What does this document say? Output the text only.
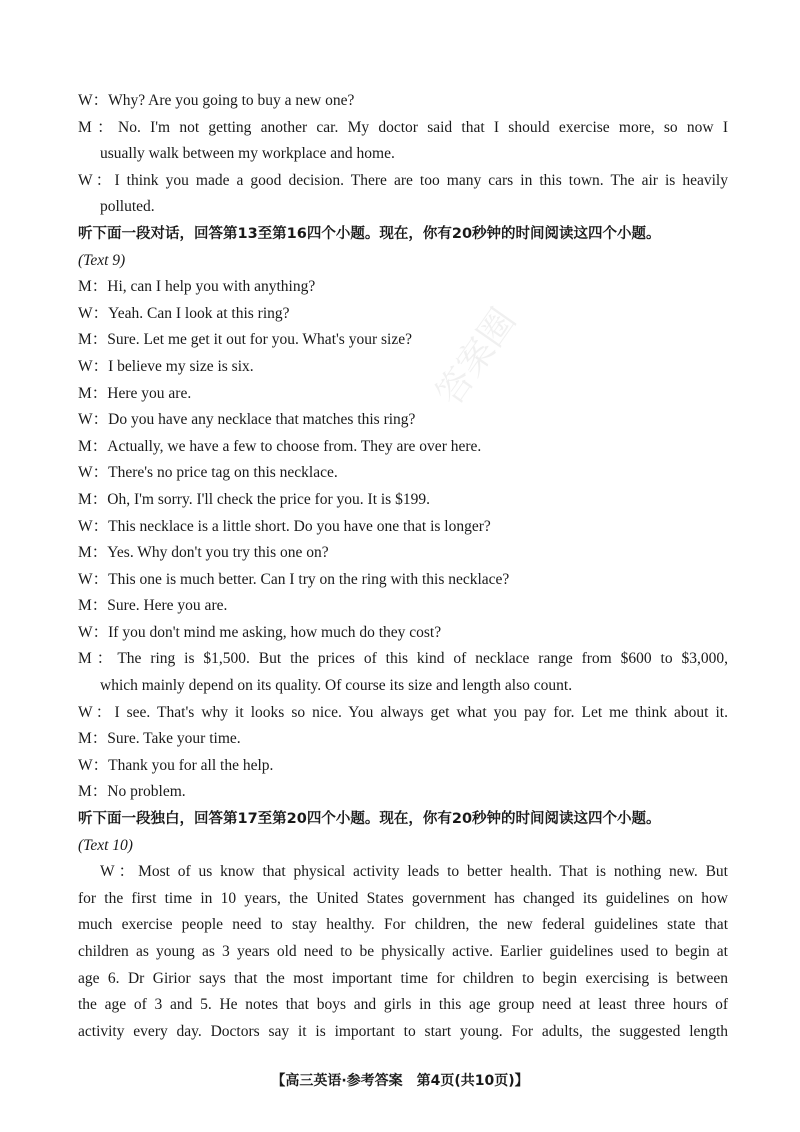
答案圈
W：Why? Are you going to buy a new one?
M：No. I'm not getting another car. My doctor said that I should exercise more, so now I
usually walk between my workplace and home.
W：I think you made a good decision. There are too many cars in this town. The air is heavily
polluted.
听下面一段对话，回答第13至第16四个小题。现在，你有20秒钟的时间阅读这四个小题。
(Text 9)
M：Hi, can I help you with anything?
W：Yeah. Can I look at this ring?
M：Sure. Let me get it out for you. What's your size?
W：I believe my size is six.
M：Here you are.
W：Do you have any necklace that matches this ring?
M：Actually, we have a few to choose from. They are over here.
W：There's no price tag on this necklace.
M：Oh, I'm sorry. I'll check the price for you. It is $199.
W：This necklace is a little short. Do you have one that is longer?
M：Yes. Why don't you try this one on?
W：This one is much better. Can I try on the ring with this necklace?
M：Sure. Here you are.
W：If you don't mind me asking, how much do they cost?
M：The ring is $1,500. But the prices of this kind of necklace range from $600 to $3,000,
which mainly depend on its quality. Of course its size and length also count.
W：I see. That's why it looks so nice. You always get what you pay for. Let me think about it.
M：Sure. Take your time.
W：Thank you for all the help.
M：No problem.
听下面一段独白，回答第17至第20四个小题。现在，你有20秒钟的时间阅读这四个小题。
(Text 10)
W：Most of us know that physical activity leads to better health. That is nothing new. But
for the first time in 10 years, the United States government has changed its guidelines on how
much exercise people need to stay healthy. For children, the new federal guidelines state that
children as young as 3 years old need to be physically active. Earlier guidelines used to begin at
age 6. Dr Girior says that the most important time for children to begin exercising is between
the age of 3 and 5. He notes that boys and girls in this age group need at least three hours of
activity every day. Doctors say it is important to start young. For adults, the suggested length
【高三英语·参考答案　第4页(共10页)】
